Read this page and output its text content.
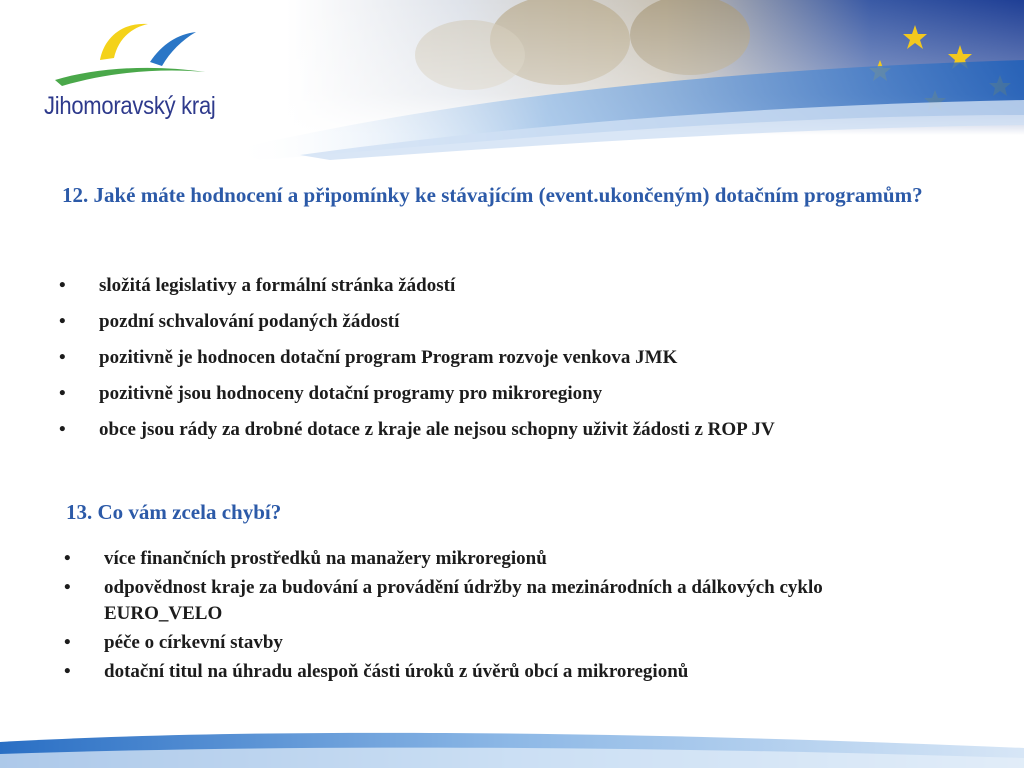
Jihomoravský kraj
12. Jaké máte hodnocení a připomínky ke stávajícím (event.ukončeným) dotačním programům?
• složitá legislativy a formální stránka žádostí
• pozdní schvalování podaných žádostí
• pozitivně je hodnocen dotační program Program rozvoje venkova JMK
• pozitivně jsou hodnoceny dotační programy pro mikroregiony
• obce jsou rády za drobné dotace z kraje ale nejsou schopny uživit žádosti z ROP JV
13. Co vám zcela chybí?
• více finančních prostředků na manažery mikroregionů
• odpovědnost kraje za budování a provádění údržby na mezinárodních a dálkových cyklo EURO_VELO
• péče o církevní stavby
• dotační titul na úhradu alespoň části úroků z úvěrů obcí a mikroregionů
